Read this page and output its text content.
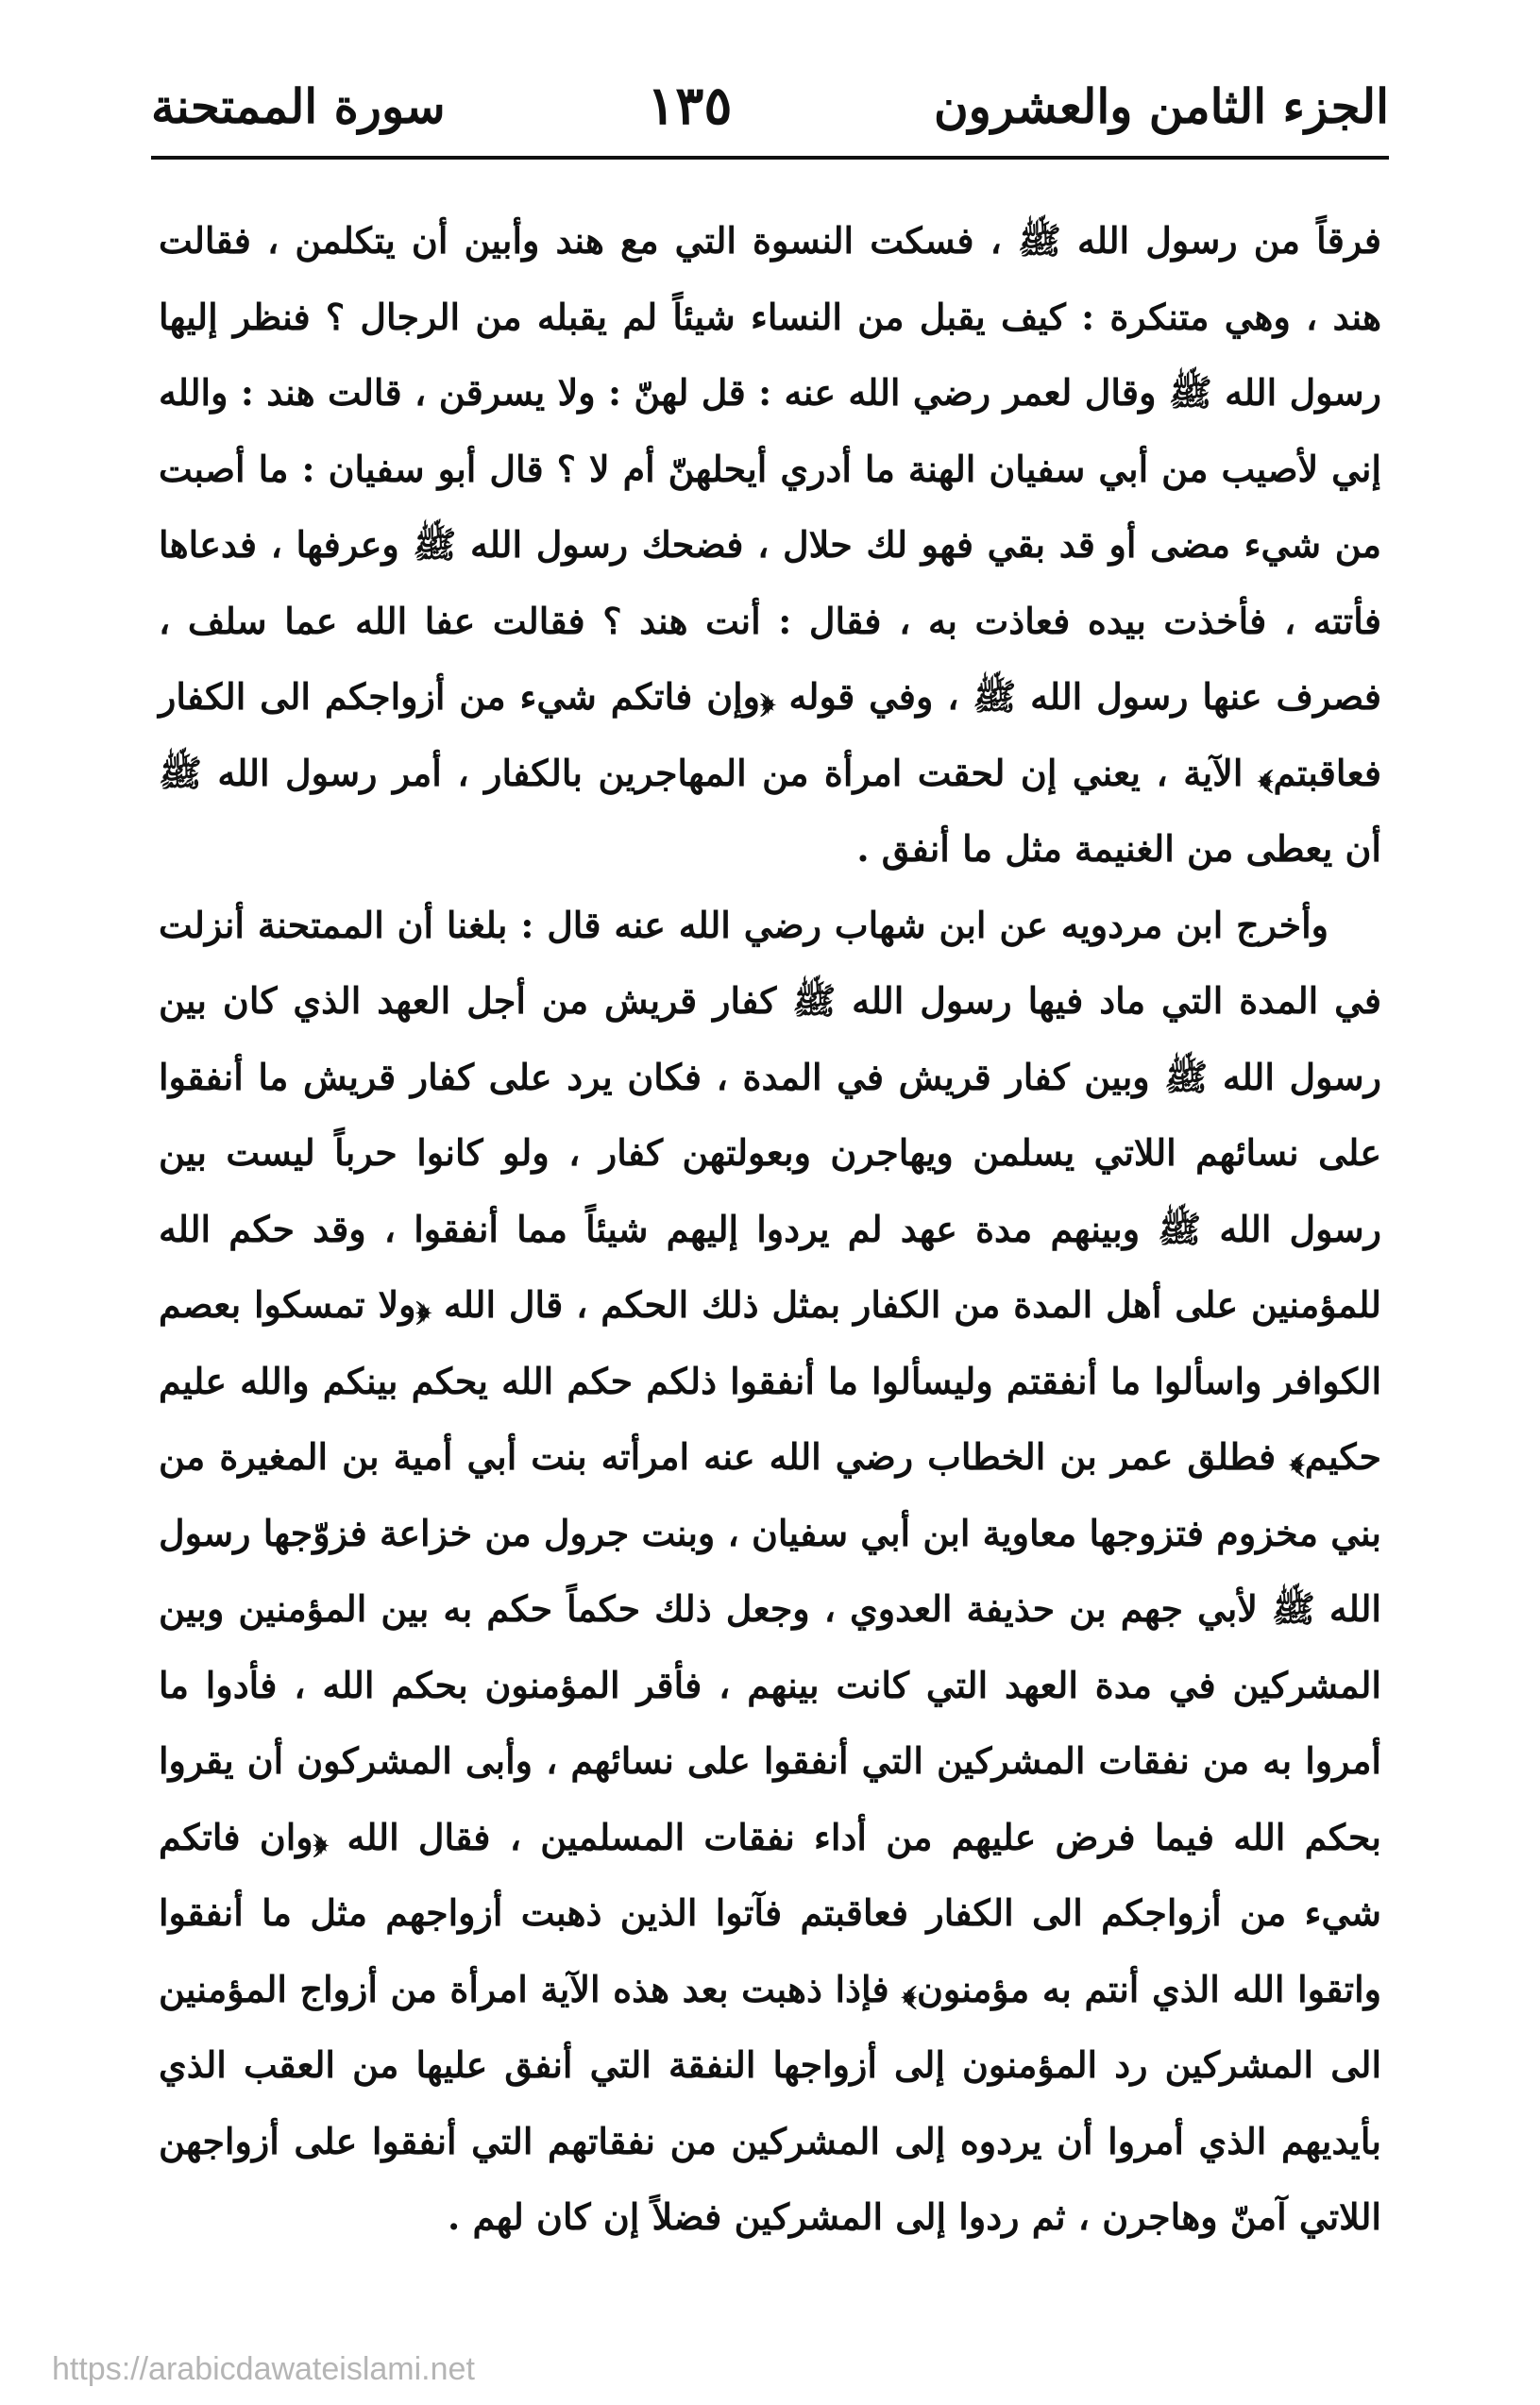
الجزء الثامن والعشرون
١٣٥
سورة الممتحنة

فرقاً من رسول الله ﷺ ، فسكت النسوة التي مع هند وأبين أن يتكلمن ، فقالت هند ، وهي متنكرة : كيف يقبل من النساء شيئاً لم يقبله من الرجال ؟ فنظر إليها رسول الله ﷺ وقال لعمر رضي الله عنه : قل لهنّ : ولا يسرقن ، قالت هند : والله إني لأصيب من أبي سفيان الهنة ما أدري أيحلهنّ أم لا ؟ قال أبو سفيان : ما أصبت من شيء مضى أو قد بقي فهو لك حلال ، فضحك رسول الله ﷺ وعرفها ، فدعاها فأتته ، فأخذت بيده فعاذت به ، فقال : أنت هند ؟ فقالت عفا الله عما سلف ، فصرف عنها رسول الله ﷺ ، وفي قوله ﴿وإن فاتكم شيء من أزواجكم الى الكفار فعاقبتم﴾ الآية ، يعني إن لحقت امرأة من المهاجرين بالكفار ، أمر رسول الله ﷺ أن يعطى من الغنيمة مثل ما أنفق .

وأخرج ابن مردويه عن ابن شهاب رضي الله عنه قال : بلغنا أن الممتحنة أنزلت في المدة التي ماد فيها رسول الله ﷺ كفار قريش من أجل العهد الذي كان بين رسول الله ﷺ وبين كفار قريش في المدة ، فكان يرد على كفار قريش ما أنفقوا على نسائهم اللاتي يسلمن ويهاجرن وبعولتهن كفار ، ولو كانوا حرباً ليست بين رسول الله ﷺ وبينهم مدة عهد لم يردوا إليهم شيئاً مما أنفقوا ، وقد حكم الله للمؤمنين على أهل المدة من الكفار بمثل ذلك الحكم ، قال الله ﴿ولا تمسكوا بعصم الكوافر واسألوا ما أنفقتم وليسألوا ما أنفقوا ذلكم حكم الله يحكم بينكم والله عليم حكيم﴾ فطلق عمر بن الخطاب رضي الله عنه امرأته بنت أبي أمية بن المغيرة من بني مخزوم فتزوجها معاوية ابن أبي سفيان ، وبنت جرول من خزاعة فزوّجها رسول الله ﷺ لأبي جهم بن حذيفة العدوي ، وجعل ذلك حكماً حكم به بين المؤمنين وبين المشركين في مدة العهد التي كانت بينهم ، فأقر المؤمنون بحكم الله ، فأدوا ما أمروا به من نفقات المشركين التي أنفقوا على نسائهم ، وأبى المشركون أن يقروا بحكم الله فيما فرض عليهم من أداء نفقات المسلمين ، فقال الله ﴿وان فاتكم شيء من أزواجكم الى الكفار فعاقبتم فآتوا الذين ذهبت أزواجهم مثل ما أنفقوا واتقوا الله الذي أنتم به مؤمنون﴾ فإذا ذهبت بعد هذه الآية امرأة من أزواج المؤمنين الى المشركين رد المؤمنون إلى أزواجها النفقة التي أنفق عليها من العقب الذي بأيديهم الذي أمروا أن يردوه إلى المشركين من نفقاتهم التي أنفقوا على أزواجهن اللاتي آمنّ وهاجرن ، ثم ردوا إلى المشركين فضلاً إن كان لهم .

https://arabicdawateislami.net
